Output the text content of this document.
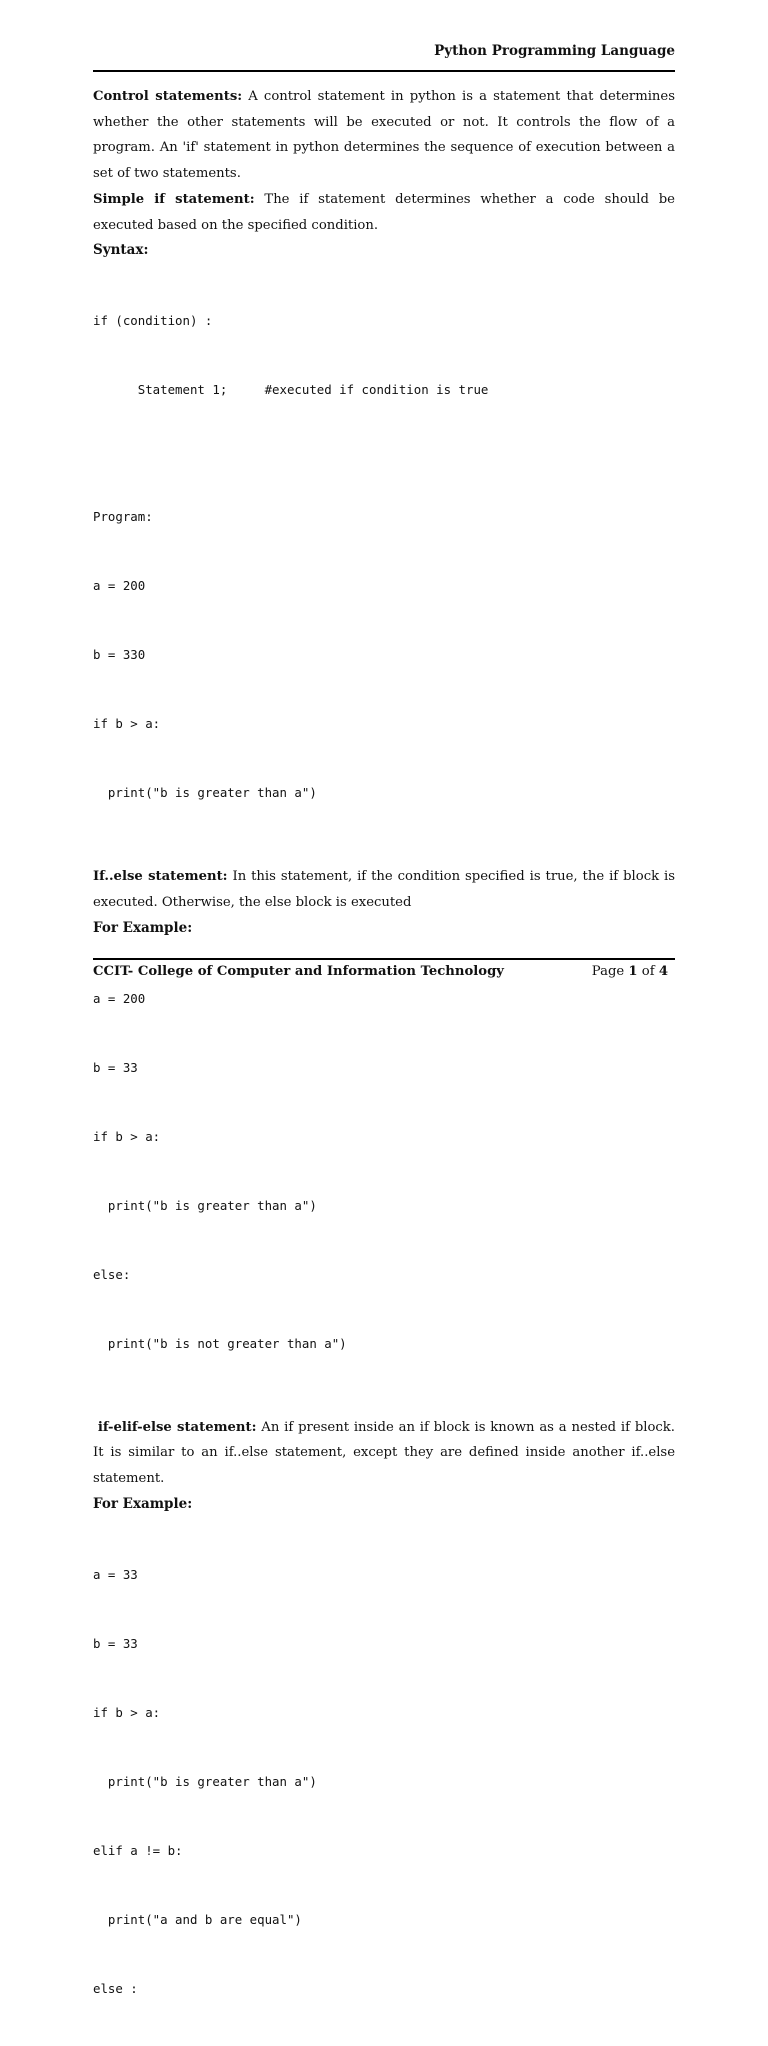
Python Programming Language

Control statements: A control statement in python is a statement that determines whether the other statements will be executed or not. It controls the flow of a program. An 'if' statement in python determines the sequence of execution between a set of two statements.

Simple if statement: The if statement determines whether a code should be executed based on the specified condition.

Syntax:

if (condition) :

Statement 1;     #executed if condition is true

Program:

a = 200

b = 330

if b > a:

print("b is greater than a")

If..else statement: In this statement, if the condition specified is true, the if block is executed. Otherwise, the else block is executed

For Example:

a = 200

b = 33

if b > a:

print("b is greater than a")

else:

print("b is not greater than a")

if-elif-else statement: An if present inside an if block is known as a nested if block. It is similar to an if..else statement, except they are defined inside another if..else statement.

For Example:

a = 33

b = 33

if b > a:

print("b is greater than a")

elif a != b:

print("a and b are equal")

else :

CCIT- College of Computer and Information Technology	Page 1 of 4
